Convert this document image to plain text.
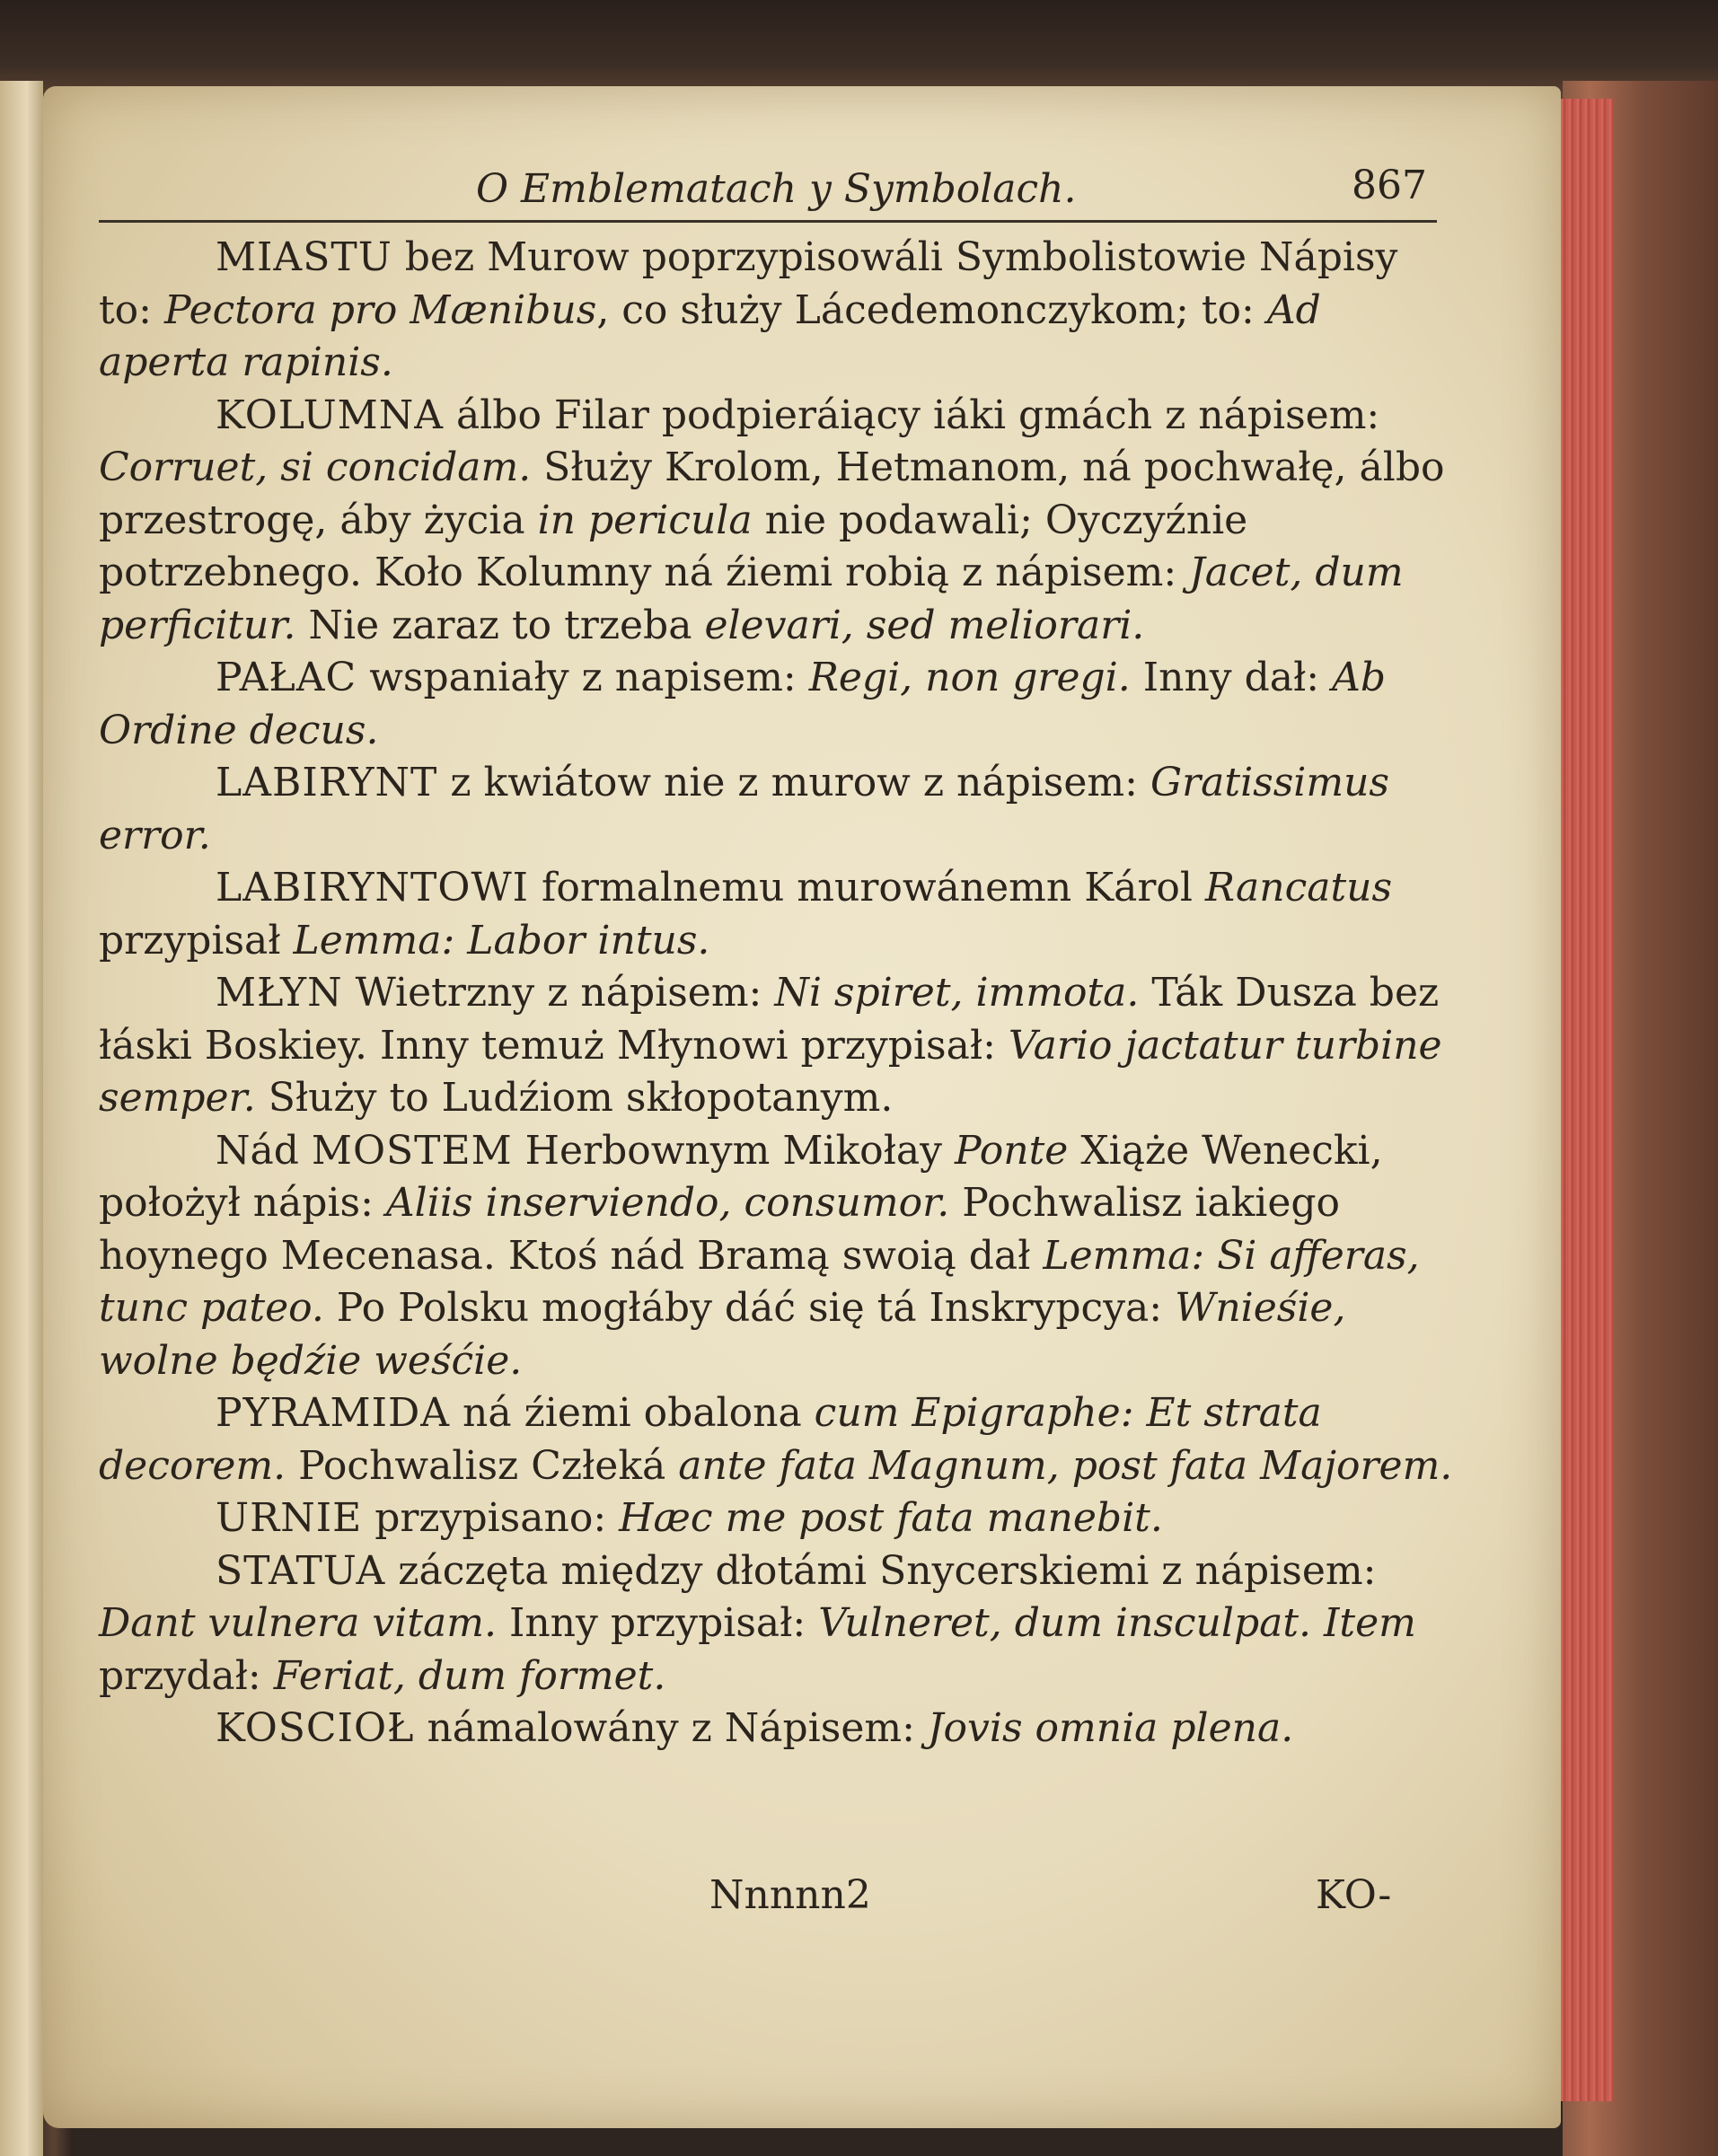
O Emblematach y Symbolach.	867

MIASTU bez Murow poprzypisowáli Symbolistowie Nápisy to: Pectora pro Mænibus, co służy Lácedemonczykom; to: Ad aperta rapinis.

KOLUMNA álbo Filar podpieráiący iáki gmách z nápisem: Corruet, si concidam. Służy Krolom, Hetmanom, ná pochwałę, álbo przestrogę, áby życia in pericula nie podawali; Oyczyźnie potrzebnego. Koło Kolumny ná źiemi robią z nápisem: Jacet, dum perficitur. Nie zaraz to trzeba elevari, sed meliorari.

PAŁAC wspaniały z napisem: Regi, non gregi. Inny dał: Ab Ordine decus.

LABIRYNT z kwiátow nie z murow z nápisem: Gratissimus error.

LABIRYNTOWI formalnemu murowánemn Károl Rancatus przypisał Lemma: Labor intus.

MŁYN Wietrzny z nápisem: Ni spiret, immota. Ták Dusza bez łáski Boskiey. Inny temuż Młynowi przypisał: Vario jactatur turbine semper. Służy to Ludźiom skłopotanym.

Nád MOSTEM Herbownym Mikołay Ponte Xiąże Wenecki, położył nápis: Aliis inserviendo, consumor. Pochwalisz iakiego hoynego Mecenasa. Ktoś nád Bramą swoią dał Lemma: Si afferas, tunc pateo. Po Polsku mogłáby dáć się tá Inskrypcya: Wnieśie, wolne będźie weśćie.

PYRAMIDA ná źiemi obalona cum Epigraphe: Et strata decorem. Pochwalisz Człeká ante fata Magnum, post fata Majorem.

URNIE przypisano: Hæc me post fata manebit.

STATUA záczęta między dłotámi Snycerskiemi z nápisem: Dant vulnera vitam. Inny przypisał: Vulneret, dum insculpat. Item przydał: Feriat, dum formet.

KOSCIOŁ námalowány z Nápisem: Jovis omnia plena.

Nnnnn2	KO-
